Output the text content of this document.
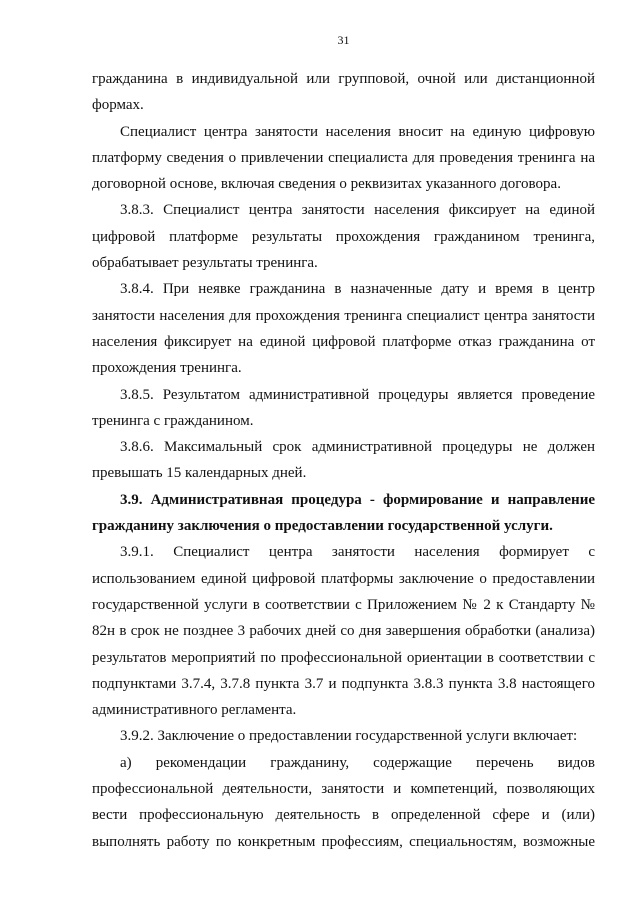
31

гражданина в индивидуальной или групповой, очной или дистанционной формах.

Специалист центра занятости населения вносит на единую цифровую платформу сведения о привлечении специалиста для проведения тренинга на договорной основе, включая сведения о реквизитах указанного договора.

3.8.3. Специалист центра занятости населения фиксирует на единой цифровой платформе результаты прохождения гражданином тренинга, обрабатывает результаты тренинга.

3.8.4. При неявке гражданина в назначенные дату и время в центр занятости населения для прохождения тренинга специалист центра занятости населения фиксирует на единой цифровой платформе отказ гражданина от прохождения тренинга.

3.8.5. Результатом административной процедуры является проведение тренинга с гражданином.

3.8.6. Максимальный срок административной процедуры не должен превышать 15 календарных дней.

3.9. Административная процедура - формирование и направление гражданину заключения о предоставлении государственной услуги.

3.9.1. Специалист центра занятости населения формирует с использованием единой цифровой платформы заключение о предоставлении государственной услуги в соответствии с Приложением № 2 к Стандарту № 82н в срок не позднее 3 рабочих дней со дня завершения обработки (анализа) результатов мероприятий по профессиональной ориентации в соответствии с подпунктами 3.7.4, 3.7.8 пункта 3.7 и подпункта 3.8.3 пункта 3.8 настоящего административного регламента.

3.9.2. Заключение о предоставлении государственной услуги включает:

а) рекомендации гражданину, содержащие перечень видов профессиональной деятельности, занятости и компетенций, позволяющих вести профессиональную деятельность в определенной сфере и (или) выполнять работу по конкретным профессиям, специальностям, возможные
